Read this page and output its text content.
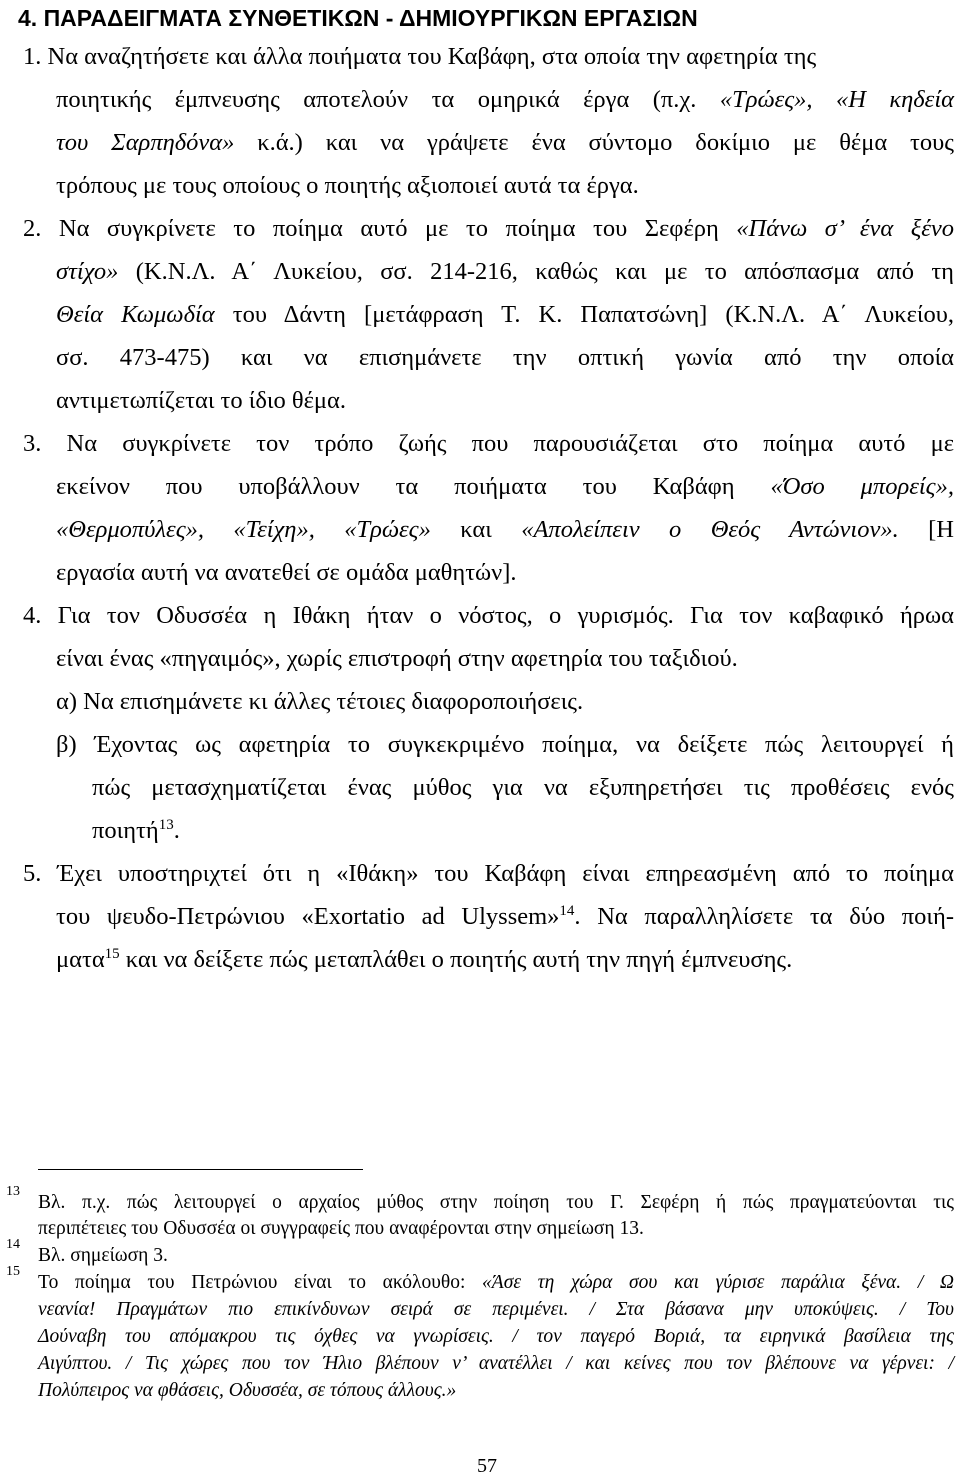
4. ΠΑΡΑΔΕΙΓΜΑΤΑ ΣΥΝΘΕΤΙΚΩΝ - ΔΗΜΙΟΥΡΓΙΚΩΝ ΕΡΓΑΣΙΩΝ
1. Να αναζητήσετε και άλλα ποιήματα του Καβάφη, στα οποία την αφετηρία της
ποιητικής έμπνευσης αποτελούν τα ομηρικά έργα (π.χ. «Τρώες», «Η κηδεία
του Σαρπηδόνα» κ.ά.) και να γράψετε ένα σύντομο δοκίμιο με θέμα τους
τρόπους με τους οποίους ο ποιητής αξιοποιεί αυτά τα έργα.
2. Να συγκρίνετε το ποίημα αυτό με το ποίημα του Σεφέρη «Πάνω σ’ ένα ξένο
στίχο» (Κ.Ν.Λ. Α΄ Λυκείου, σσ. 214-216, καθώς και με το απόσπασμα από τη
Θεία Κωμωδία του Δάντη [μετάφραση Τ. Κ. Παπατσώνη] (Κ.Ν.Λ. Α΄ Λυκείου,
σσ. 473-475) και να επισημάνετε την οπτική γωνία από την οποία
αντιμετωπίζεται το ίδιο θέμα.
3. Να συγκρίνετε τον τρόπο ζωής που παρουσιάζεται στο ποίημα αυτό με
εκείνον που υποβάλλουν τα ποιήματα του Καβάφη «Όσο μπορείς»,
«Θερμοπύλες», «Τείχη», «Τρώες» και «Απολείπειν ο Θεός Αντώνιον». [Η
εργασία αυτή να ανατεθεί σε ομάδα μαθητών].
4. Για τον Οδυσσέα η Ιθάκη ήταν ο νόστος, ο γυρισμός. Για τον καβαφικό ήρωα
είναι ένας «πηγαιμός», χωρίς επιστροφή στην αφετηρία του ταξιδιού.
α) Να επισημάνετε κι άλλες τέτοιες διαφοροποιήσεις.
β) Έχοντας ως αφετηρία το συγκεκριμένο ποίημα, να δείξετε πώς λειτουργεί ή
πώς μετασχηματίζεται ένας μύθος για να εξυπηρετήσει τις προθέσεις ενός
ποιητή$^{13}$.
5. Έχει υποστηριχτεί ότι η «Ιθάκη» του Καβάφη είναι επηρεασμένη από το ποίημα
του ψευδο-Πετρώνιου «Exortatio ad Ulyssem»$^{14}$. Να παραλληλίσετε τα δύο ποιή-
ματα$^{15}$ και να δείξετε πώς μεταπλάθει ο ποιητής αυτή την πηγή έμπνευσης.
13
Βλ. π.χ. πώς λειτουργεί ο αρχαίος μύθος στην ποίηση του Γ. Σεφέρη ή πώς πραγματεύονται τις
περιπέτειες του Οδυσσέα οι συγγραφείς που αναφέρονται στην σημείωση 13.
14
Βλ. σημείωση 3.
15
Το ποίημα του Πετρώνιου είναι το ακόλουθο: «Άσε τη χώρα σου και γύρισε παράλια ξένα. / Ω
νεανία! Πραγμάτων πιο επικίνδυνων σειρά σε περιμένει. / Στα βάσανα μην υποκύψεις. / Του
Δούναβη του απόμακρου τις όχθες να γνωρίσεις. / τον παγερό Βοριά, τα ειρηνικά βασίλεια της
Αιγύπτου. / Τις χώρες που τον Ήλιο βλέπουν ν’ ανατέλλει / και κείνες που τον βλέπουνε να γέρνει: /
Πολύπειρος να φθάσεις, Οδυσσέα, σε τόπους άλλους.»
57
